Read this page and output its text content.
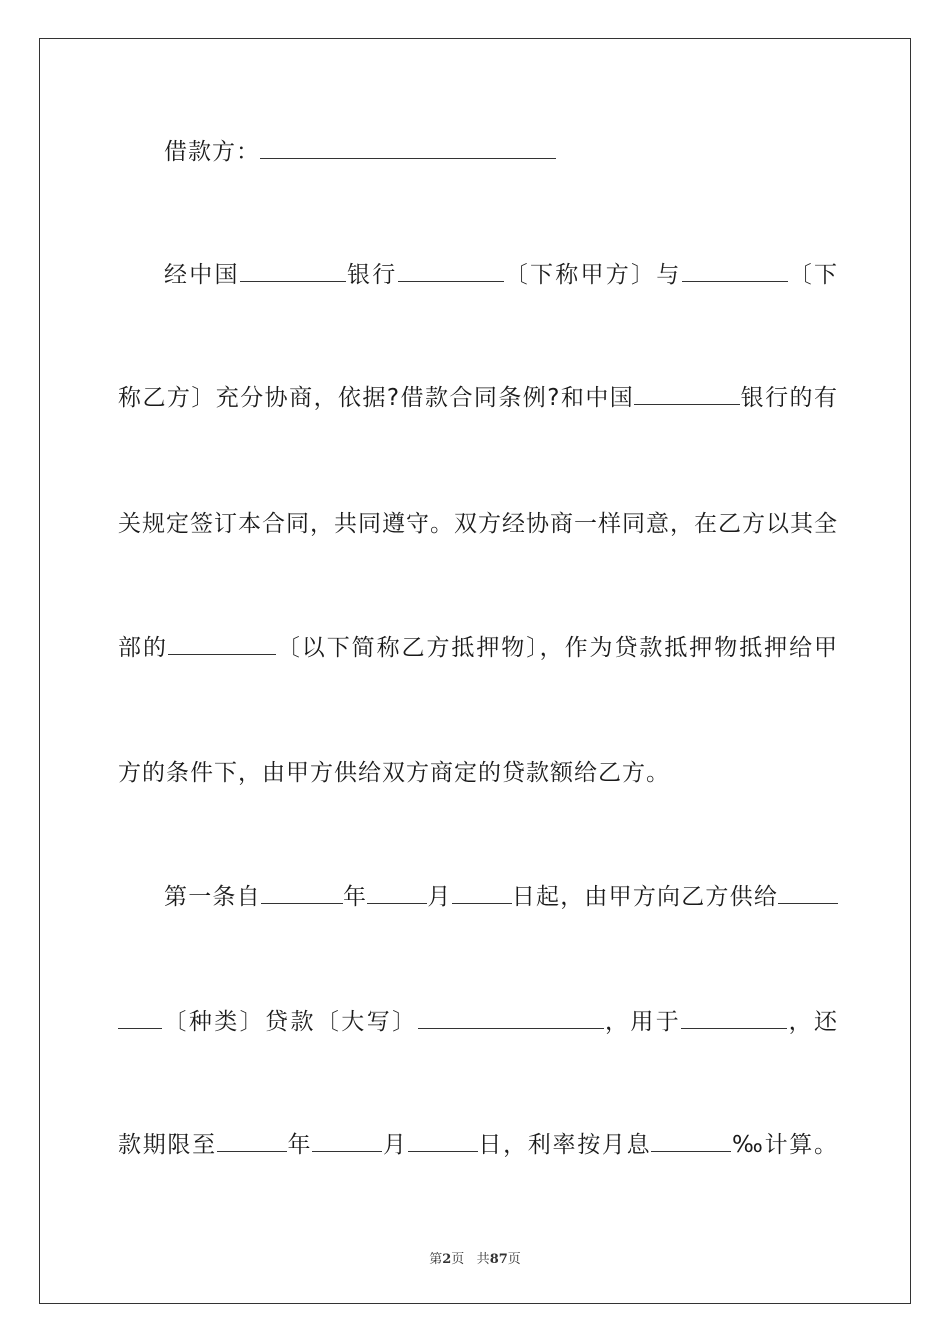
借款方：
经中国	银行	〔下称甲方〕与	〔下
称乙方〕充分协商，依据?借款合同条例?和中国	银行的有
关规定签订本合同，共同遵守。双方经协商一样同意，在乙方以其全
部的	〔以下简称乙方抵押物〕，作为贷款抵押物抵押给甲
方的条件下，由甲方供给双方商定的贷款额给乙方。
第一条自	年	月	日起，由甲方向乙方供给
〔种类〕贷款〔大写〕	，用于	，还
款期限至	年	月	日，利率按月息	‰计算。
第2页 共87页
